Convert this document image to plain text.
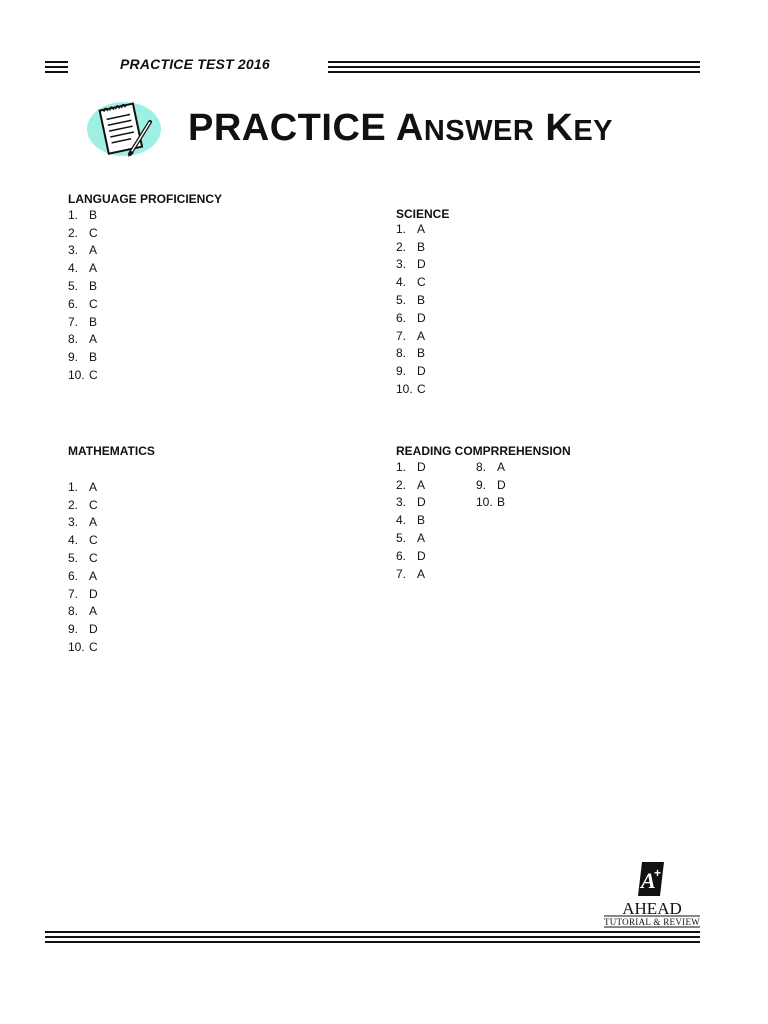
PRACTICE TEST 2016
PRACTICE ANSWER KEY
LANGUAGE PROFICIENCY
1. B
2. C
3. A
4. A
5. B
6. C
7. B
8. A
9. B
10. C
SCIENCE
1. A
2. B
3. D
4. C
5. B
6. D
7. A
8. B
9. D
10. C
MATHEMATICS
1. A
2. C
3. A
4. C
5. C
6. A
7. D
8. A
9. D
10. C
READING COMPRREHENSION
1. D
2. A
3. D
4. B
5. A
6. D
7. A
8. A
9. D
10. B
A
+
AHEAD
TUTORIAL & REVIEW
